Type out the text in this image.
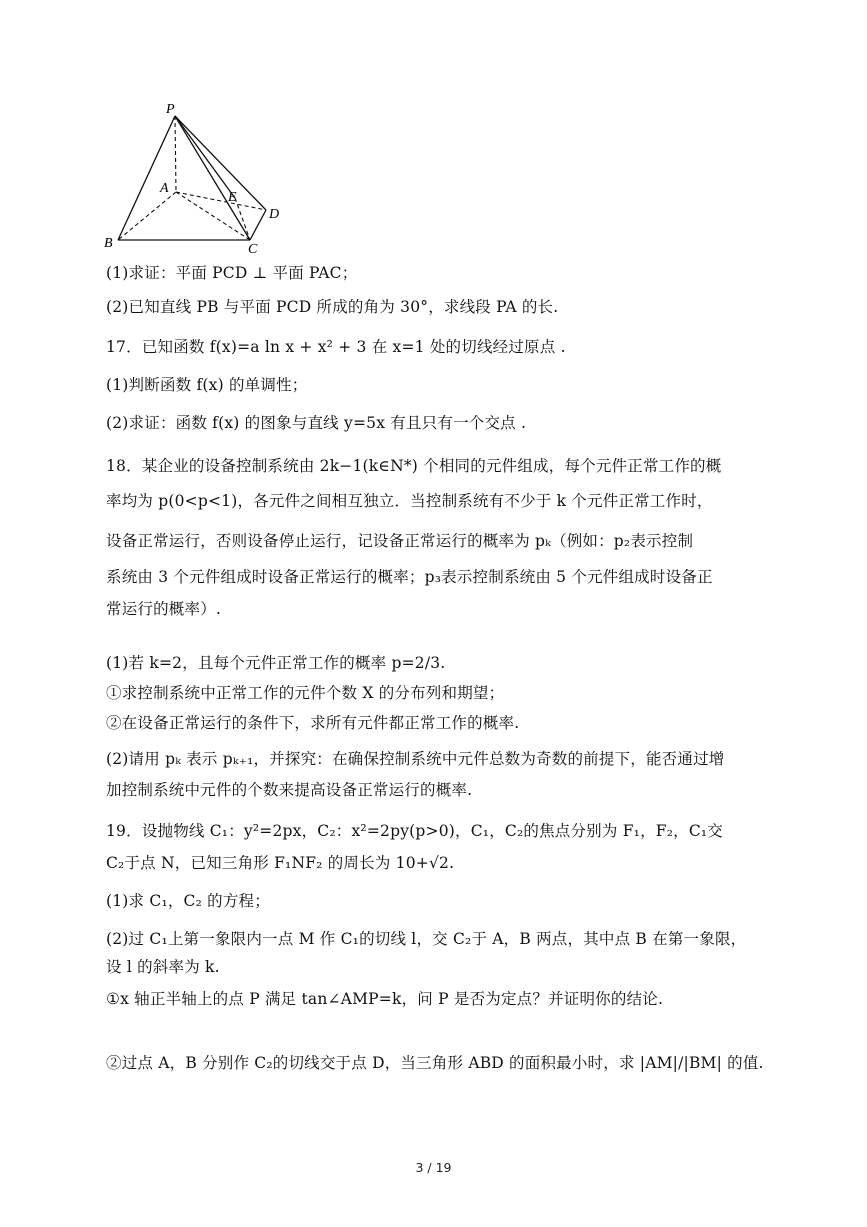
P
A
E
D
B	C
(1)求证：平面 PCD ⊥ 平面 PAC；
(2)已知直线 PB 与平面 PCD 所成的角为 30°，求线段 PA 的长.
17．已知函数 f(x)=a ln x + x² + 3 在 x=1 处的切线经过原点 .
(1)判断函数 f(x) 的单调性；
(2)求证：函数 f(x) 的图象与直线 y=5x 有且只有一个交点 .
18．某企业的设备控制系统由 2k−1(k∈N*) 个相同的元件组成，每个元件正常工作的概
率均为 p(0<p<1)，各元件之间相互独立．当控制系统有不少于 k 个元件正常工作时，
设备正常运行，否则设备停止运行，记设备正常运行的概率为 pₖ（例如：p₂表示控制
系统由 3 个元件组成时设备正常运行的概率；p₃表示控制系统由 5 个元件组成时设备正
常运行的概率）.
(1)若 k=2，且每个元件正常工作的概率 p=2/3.
①求控制系统中正常工作的元件个数 X 的分布列和期望；
②在设备正常运行的条件下，求所有元件都正常工作的概率.
(2)请用 pₖ 表示 pₖ₊₁，并探究：在确保控制系统中元件总数为奇数的前提下，能否通过增
加控制系统中元件的个数来提高设备正常运行的概率.
19．设抛物线 C₁：y²=2px，C₂：x²=2py(p>0)，C₁，C₂的焦点分别为 F₁，F₂，C₁交
C₂于点 N，已知三角形 F₁NF₂ 的周长为 10+√2.
(1)求 C₁，C₂ 的方程；
(2)过 C₁上第一象限内一点 M 作 C₁的切线 l，交 C₂于 A，B 两点，其中点 B 在第一象限，
设 l 的斜率为 k.
①x 轴正半轴上的点 P 满足 tan∠AMP=k，问 P 是否为定点？并证明你的结论.
②过点 A，B 分别作 C₂的切线交于点 D，当三角形 ABD 的面积最小时，求 |AM|/|BM| 的值.
3 / 19
